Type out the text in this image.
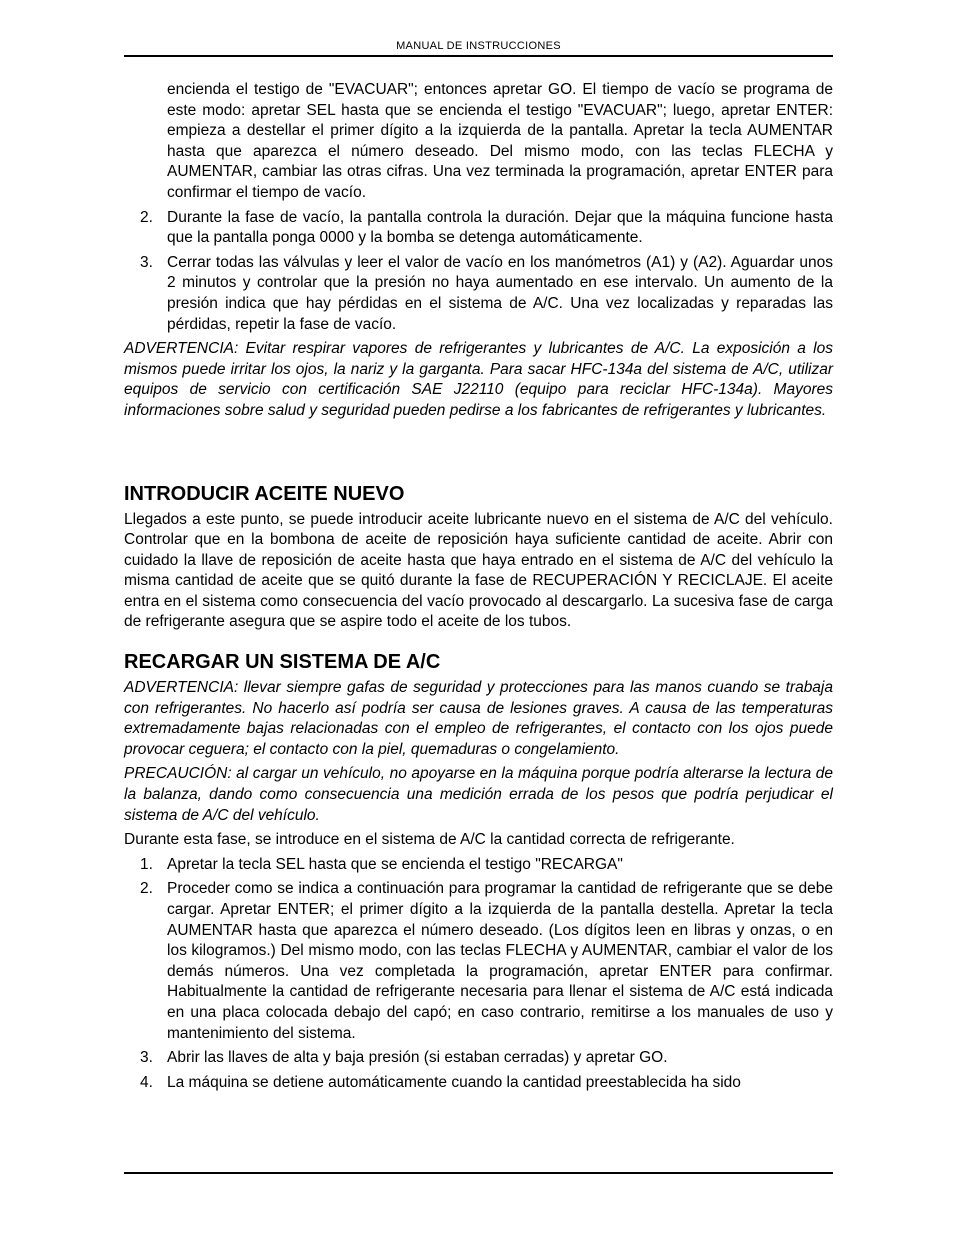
MANUAL DE INSTRUCCIONES

encienda el testigo de "EVACUAR"; entonces apretar GO. El tiempo de vacío se programa de este modo: apretar SEL hasta que se encienda el testigo "EVACUAR"; luego, apretar ENTER: empieza a destellar el primer dígito a la izquierda de la pantalla. Apretar la tecla AUMENTAR hasta que aparezca el número deseado. Del mismo modo, con las teclas FLECHA y AUMENTAR, cambiar las otras cifras. Una vez terminada la programación, apretar ENTER para confirmar el tiempo de vacío.

2. Durante la fase de vacío, la pantalla controla la duración. Dejar que la máquina funcione hasta que la pantalla ponga 0000 y la bomba se detenga automáticamente.
3. Cerrar todas las válvulas y leer el valor de vacío en los manómetros (A1) y (A2). Aguardar unos 2 minutos y controlar que la presión no haya aumentado en ese intervalo. Un aumento de la presión indica que hay pérdidas en el sistema de A/C. Una vez localizadas y reparadas las pérdidas, repetir la fase de vacío.

ADVERTENCIA: Evitar respirar vapores de refrigerantes y lubricantes de A/C. La exposición a los mismos puede irritar los ojos, la nariz y la garganta. Para sacar HFC-134a del sistema de A/C, utilizar equipos de servicio con certificación SAE J22110 (equipo para reciclar HFC-134a). Mayores informaciones sobre salud y seguridad pueden pedirse a los fabricantes de refrigerantes y lubricantes.

INTRODUCIR ACEITE NUEVO

Llegados a este punto, se puede introducir aceite lubricante nuevo en el sistema de A/C del vehículo. Controlar que en la bombona de aceite de reposición haya suficiente cantidad de aceite. Abrir con cuidado la llave de reposición de aceite hasta que haya entrado en el sistema de A/C del vehículo la misma cantidad de aceite que se quitó durante la fase de RECUPERACIÓN Y RECICLAJE. El aceite entra en el sistema como consecuencia del vacío provocado al descargarlo. La sucesiva fase de carga de refrigerante asegura que se aspire todo el aceite de los tubos.

RECARGAR UN SISTEMA DE A/C

ADVERTENCIA: llevar siempre gafas de seguridad y protecciones para las manos cuando se trabaja con refrigerantes. No hacerlo así podría ser causa de lesiones graves. A causa de las temperaturas extremadamente bajas relacionadas con el empleo de refrigerantes, el contacto con los ojos puede provocar ceguera; el contacto con la piel, quemaduras o congelamiento.

PRECAUCIÓN: al cargar un vehículo, no apoyarse en la máquina porque podría alterarse la lectura de la balanza, dando como consecuencia una medición errada de los pesos que podría perjudicar el sistema de A/C del vehículo.

Durante esta fase, se introduce en el sistema de A/C la cantidad correcta de refrigerante.

1. Apretar la tecla SEL hasta que se encienda el testigo "RECARGA"
2. Proceder como se indica a continuación para programar la cantidad de refrigerante que se debe cargar. Apretar ENTER; el primer dígito a la izquierda de la pantalla destella. Apretar la tecla AUMENTAR hasta que aparezca el número deseado. (Los dígitos leen en libras y onzas, o en los kilogramos.) Del mismo modo, con las teclas FLECHA y AUMENTAR, cambiar el valor de los demás números. Una vez completada la programación, apretar ENTER para confirmar. Habitualmente la cantidad de refrigerante necesaria para llenar el sistema de A/C está indicada en una placa colocada debajo del capó; en caso contrario, remitirse a los manuales de uso y mantenimiento del sistema.
3. Abrir las llaves de alta y baja presión (si estaban cerradas) y apretar GO.
4. La máquina se detiene automáticamente cuando la cantidad preestablecida ha sido
